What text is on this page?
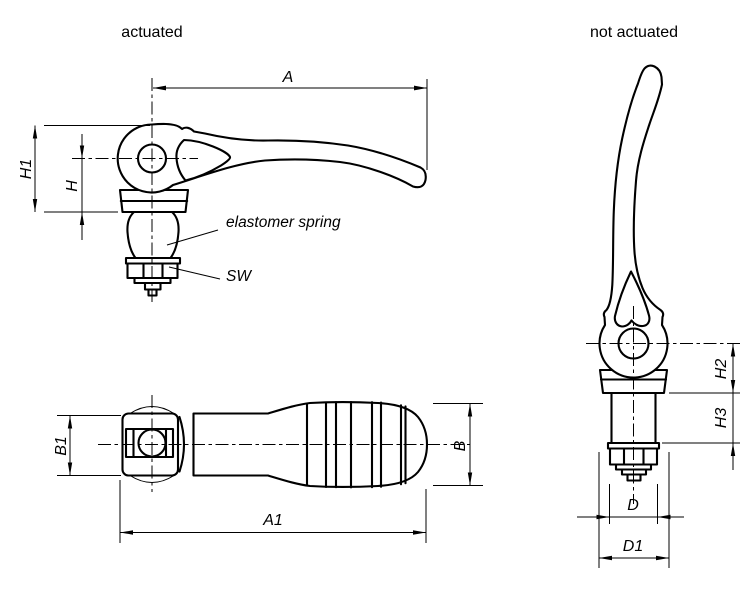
actuated	not actuated
A
H1
H
elastomer spring
SW
H2
H3
D
D1
B1
A1
B
